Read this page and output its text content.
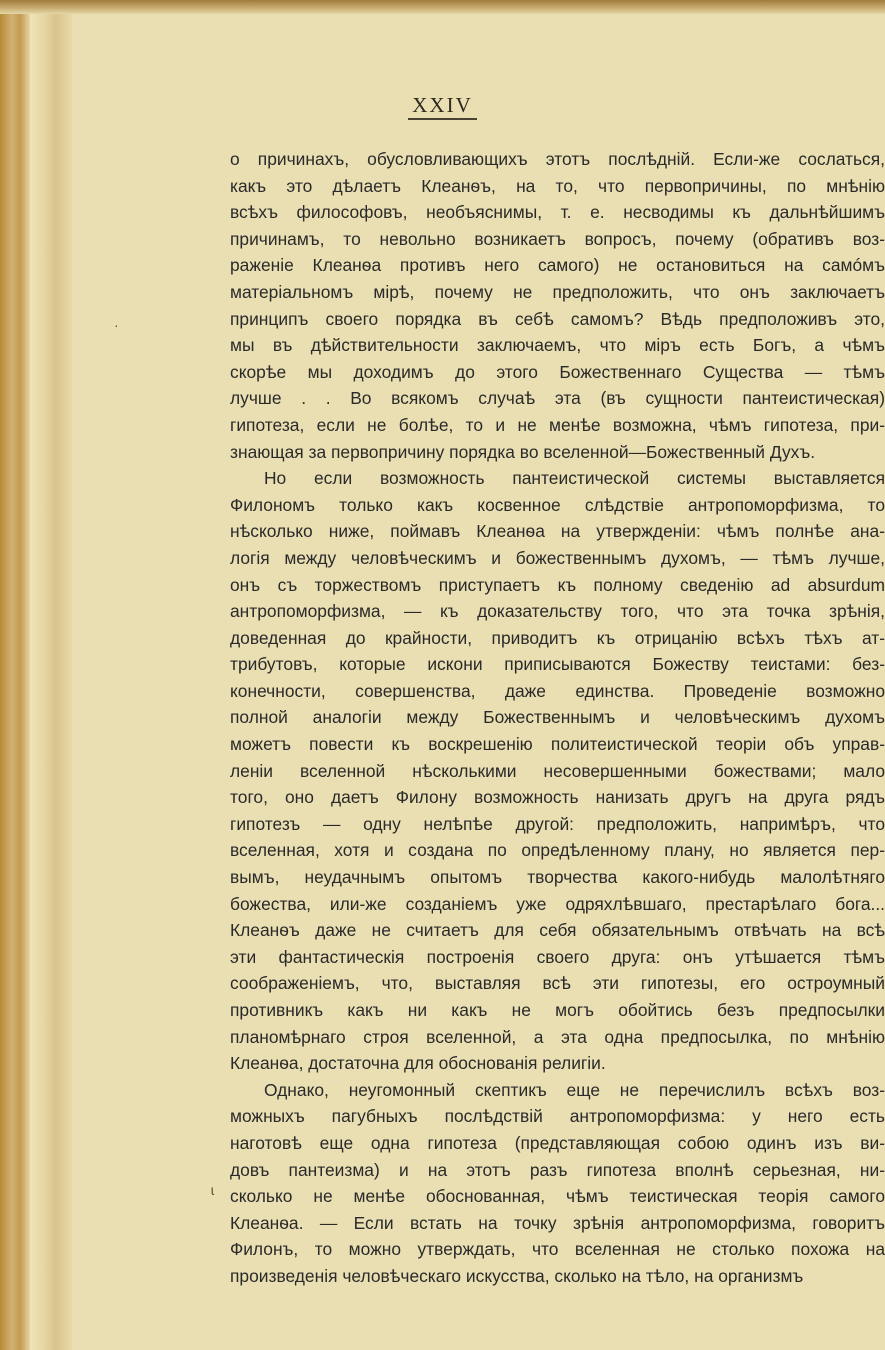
XXIV
·
ɩ
о причинахъ, обусловливающихъ этотъ послѣдній. Если-же сослаться,
какъ это дѣлаетъ Клеанѳъ, на то, что первопричины, по мнѣнію
всѣхъ философовъ, необъяснимы, т. е. несводимы къ дальнѣйшимъ
причинамъ, то невольно возникаетъ вопросъ, почему (обративъ воз-
раженіе Клеанѳа противъ него самого) не остановиться на самóмъ
матеріальномъ мірѣ, почему не предположить, что онъ заключаетъ
принципъ своего порядка въ себѣ самомъ? Вѣдь предположивъ это,
мы въ дѣйствительности заключаемъ, что міръ есть Богъ, а чѣмъ
скорѣе мы доходимъ до этого Божественнаго Существа — тѣмъ
лучше . . Во всякомъ случаѣ эта (въ сущности пантеистическая)
гипотеза, если не болѣе, то и не менѣе возможна, чѣмъ гипотеза, при-
знающая за первопричину порядка во вселенной—Божественный Духъ.
Но если возможность пантеистической системы выставляется
Филономъ только какъ косвенное слѣдствіе антропоморфизма, то
нѣсколько ниже, поймавъ Клеанѳа на утвержденіи: чѣмъ полнѣе ана-
логія между человѣческимъ и божественнымъ духомъ, — тѣмъ лучше,
онъ съ торжествомъ приступаетъ къ полному сведенію ad absurdum
антропоморфизма, — къ доказательству того, что эта точка зрѣнія,
доведенная до крайности, приводитъ къ отрицанію всѣхъ тѣхъ ат-
трибутовъ, которые искони приписываются Божеству теистами: без-
конечности, совершенства, даже единства. Проведеніе возможно
полной аналогіи между Божественнымъ и человѣческимъ духомъ
можетъ повести къ воскрешенію политеистической теоріи объ управ-
леніи вселенной нѣсколькими несовершенными божествами; мало
того, оно даетъ Филону возможность нанизать другъ на друга рядъ
гипотезъ — одну нелѣпѣе другой: предположить, напримѣръ, что
вселенная, хотя и создана по опредѣленному плану, но является пер-
вымъ, неудачнымъ опытомъ творчества какого-нибудь малолѣтняго
божества, или-же созданіемъ уже одряхлѣвшаго, престарѣлаго бога...
Клеанѳъ даже не считаетъ для себя обязательнымъ отвѣчать на всѣ
эти фантастическія построенія своего друга: онъ утѣшается тѣмъ
соображеніемъ, что, выставляя всѣ эти гипотезы, его остроумный
противникъ какъ ни какъ не могъ обойтись безъ предпосылки
планомѣрнаго строя вселенной, а эта одна предпосылка, по мнѣнію
Клеанѳа, достаточна для обоснованія религіи.
Однако, неугомонный скептикъ еще не перечислилъ всѣхъ воз-
можныхъ пагубныхъ послѣдствій антропоморфизма: у него есть
наготовѣ еще одна гипотеза (представляющая собою одинъ изъ ви-
довъ пантеизма) и на этотъ разъ гипотеза вполнѣ серьезная, ни-
сколько не менѣе обоснованная, чѣмъ теистическая теорія самого
Клеанѳа. — Если встать на точку зрѣнія антропоморфизма, говоритъ
Филонъ, то можно утверждать, что вселенная не столько похожа на
произведенія человѣческаго искусства, сколько на тѣло, на организмъ
